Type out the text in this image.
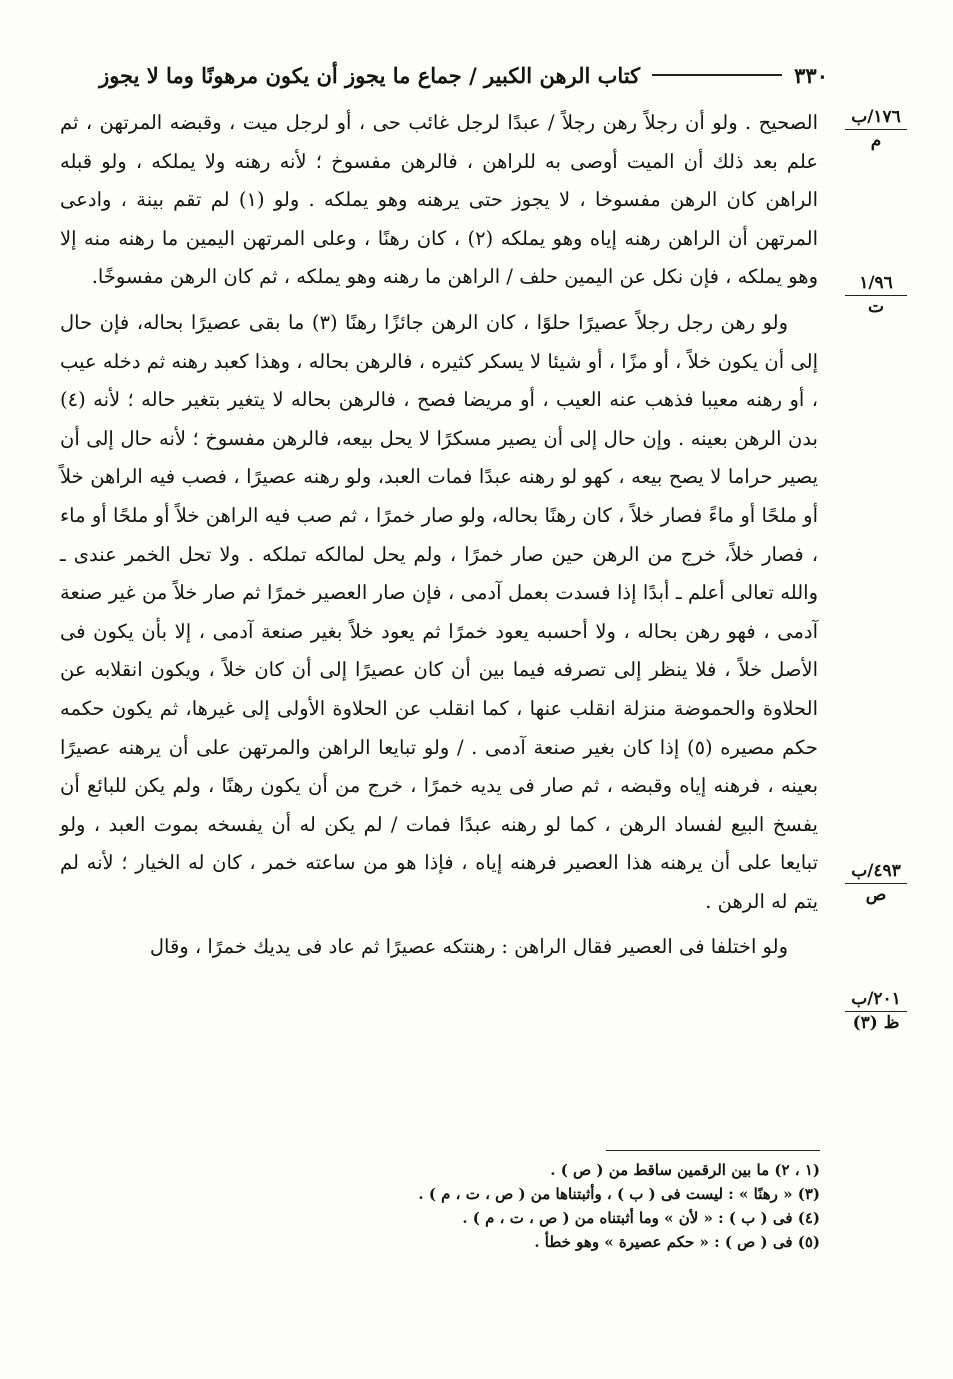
٣٣٠
كتاب الرهن الكبير / جماع ما يجوز أن يكون مرهونًا وما لا يجوز

الصحيح . ولو أن رجلاً رهن رجلاً / عبدًا لرجل غائب حى ، أو لرجل ميت ، وقبضه المرتهن ، ثم علم بعد ذلك أن الميت أوصى به للراهن ، فالرهن مفسوخ ؛ لأنه رهنه ولا يملكه ، ولو قبله الراهن كان الرهن مفسوخا ، لا يجوز حتى يرهنه وهو يملكه . ولو (١) لم تقم بينة ، وادعى المرتهن أن الراهن رهنه إياه وهو يملكه (٢) ، كان رهنًا ، وعلى المرتهن اليمين ما رهنه منه إلا وهو يملكه ، فإن نكل عن اليمين حلف / الراهن ما رهنه وهو يملكه ، ثم كان الرهن مفسوخًا.

ولو رهن رجل رجلاً عصيرًا حلوًا ، كان الرهن جائزًا رهنًا (٣) ما بقى عصيرًا بحاله، فإن حال إلى أن يكون خلاً ، أو مزًا ، أو شيئا لا يسكر كثيره ، فالرهن بحاله ، وهذا كعبد رهنه ثم دخله عيب ، أو رهنه معيبا فذهب عنه العيب ، أو مريضا فصح ، فالرهن بحاله لا يتغير بتغير حاله ؛ لأنه (٤) بدن الرهن بعينه . وإن حال إلى أن يصير مسكرًا لا يحل بيعه، فالرهن مفسوخ ؛ لأنه حال إلى أن يصير حراما لا يصح بيعه ، كهو لو رهنه عبدًا فمات العبد، ولو رهنه عصيرًا ، فصب فيه الراهن خلاً أو ملحًا أو ماءً فصار خلاً ، كان رهنًا بحاله، ولو صار خمرًا ، ثم صب فيه الراهن خلاً أو ملحًا أو ماء ، فصار خلاً، خرج من الرهن حين صار خمرًا ، ولم يحل لمالكه تملكه . ولا تحل الخمر عندى ـ والله تعالى أعلم ـ أبدًا إذا فسدت بعمل آدمى ، فإن صار العصير خمرًا ثم صار خلاً من غير صنعة آدمى ، فهو رهن بحاله ، ولا أحسبه يعود خمرًا ثم يعود خلاً بغير صنعة آدمى ، إلا بأن يكون فى الأصل خلاً ، فلا ينظر إلى تصرفه فيما بين أن كان عصيرًا إلى أن كان خلاً ، ويكون انقلابه عن الحلاوة والحموضة منزلة انقلب عنها ، كما انقلب عن الحلاوة الأولى إلى غيرها، ثم يكون حكمه حكم مصيره (٥) إذا كان بغير صنعة آدمى . / ولو تبايعا الراهن والمرتهن على أن يرهنه عصيرًا بعينه ، فرهنه إياه وقبضه ، ثم صار فى يديه خمرًا ، خرج من أن يكون رهنًا ، ولم يكن للبائع أن يفسخ البيع لفساد الرهن ، كما لو رهنه عبدًا فمات / لم يكن له أن يفسخه بموت العبد ، ولو تبايعا على أن يرهنه هذا العصير فرهنه إياه ، فإذا هو من ساعته خمر ، كان له الخيار ؛ لأنه لم يتم له الرهن .

ولو اختلفا فى العصير فقال الراهن : رهنتكه عصيرًا ثم عاد فى يديك خمرًا ، وقال

١٧٦/ب
م
١/٩٦
ت
٤٩٣/ب
ص
٢٠١/ب
ظ (٣)
(١ ، ٢) ما بين الرقمين ساقط من ( ص ) .
(٣) « رهنًا » : ليست فى ( ب ) ، وأثبتناها من ( ص ، ت ، م ) .
(٤) فى ( ب ) : « لأن » وما أثبتناه من ( ص ، ت ، م ) .
(٥) فى ( ص ) : « حكم عصيرة » وهو خطأ .
